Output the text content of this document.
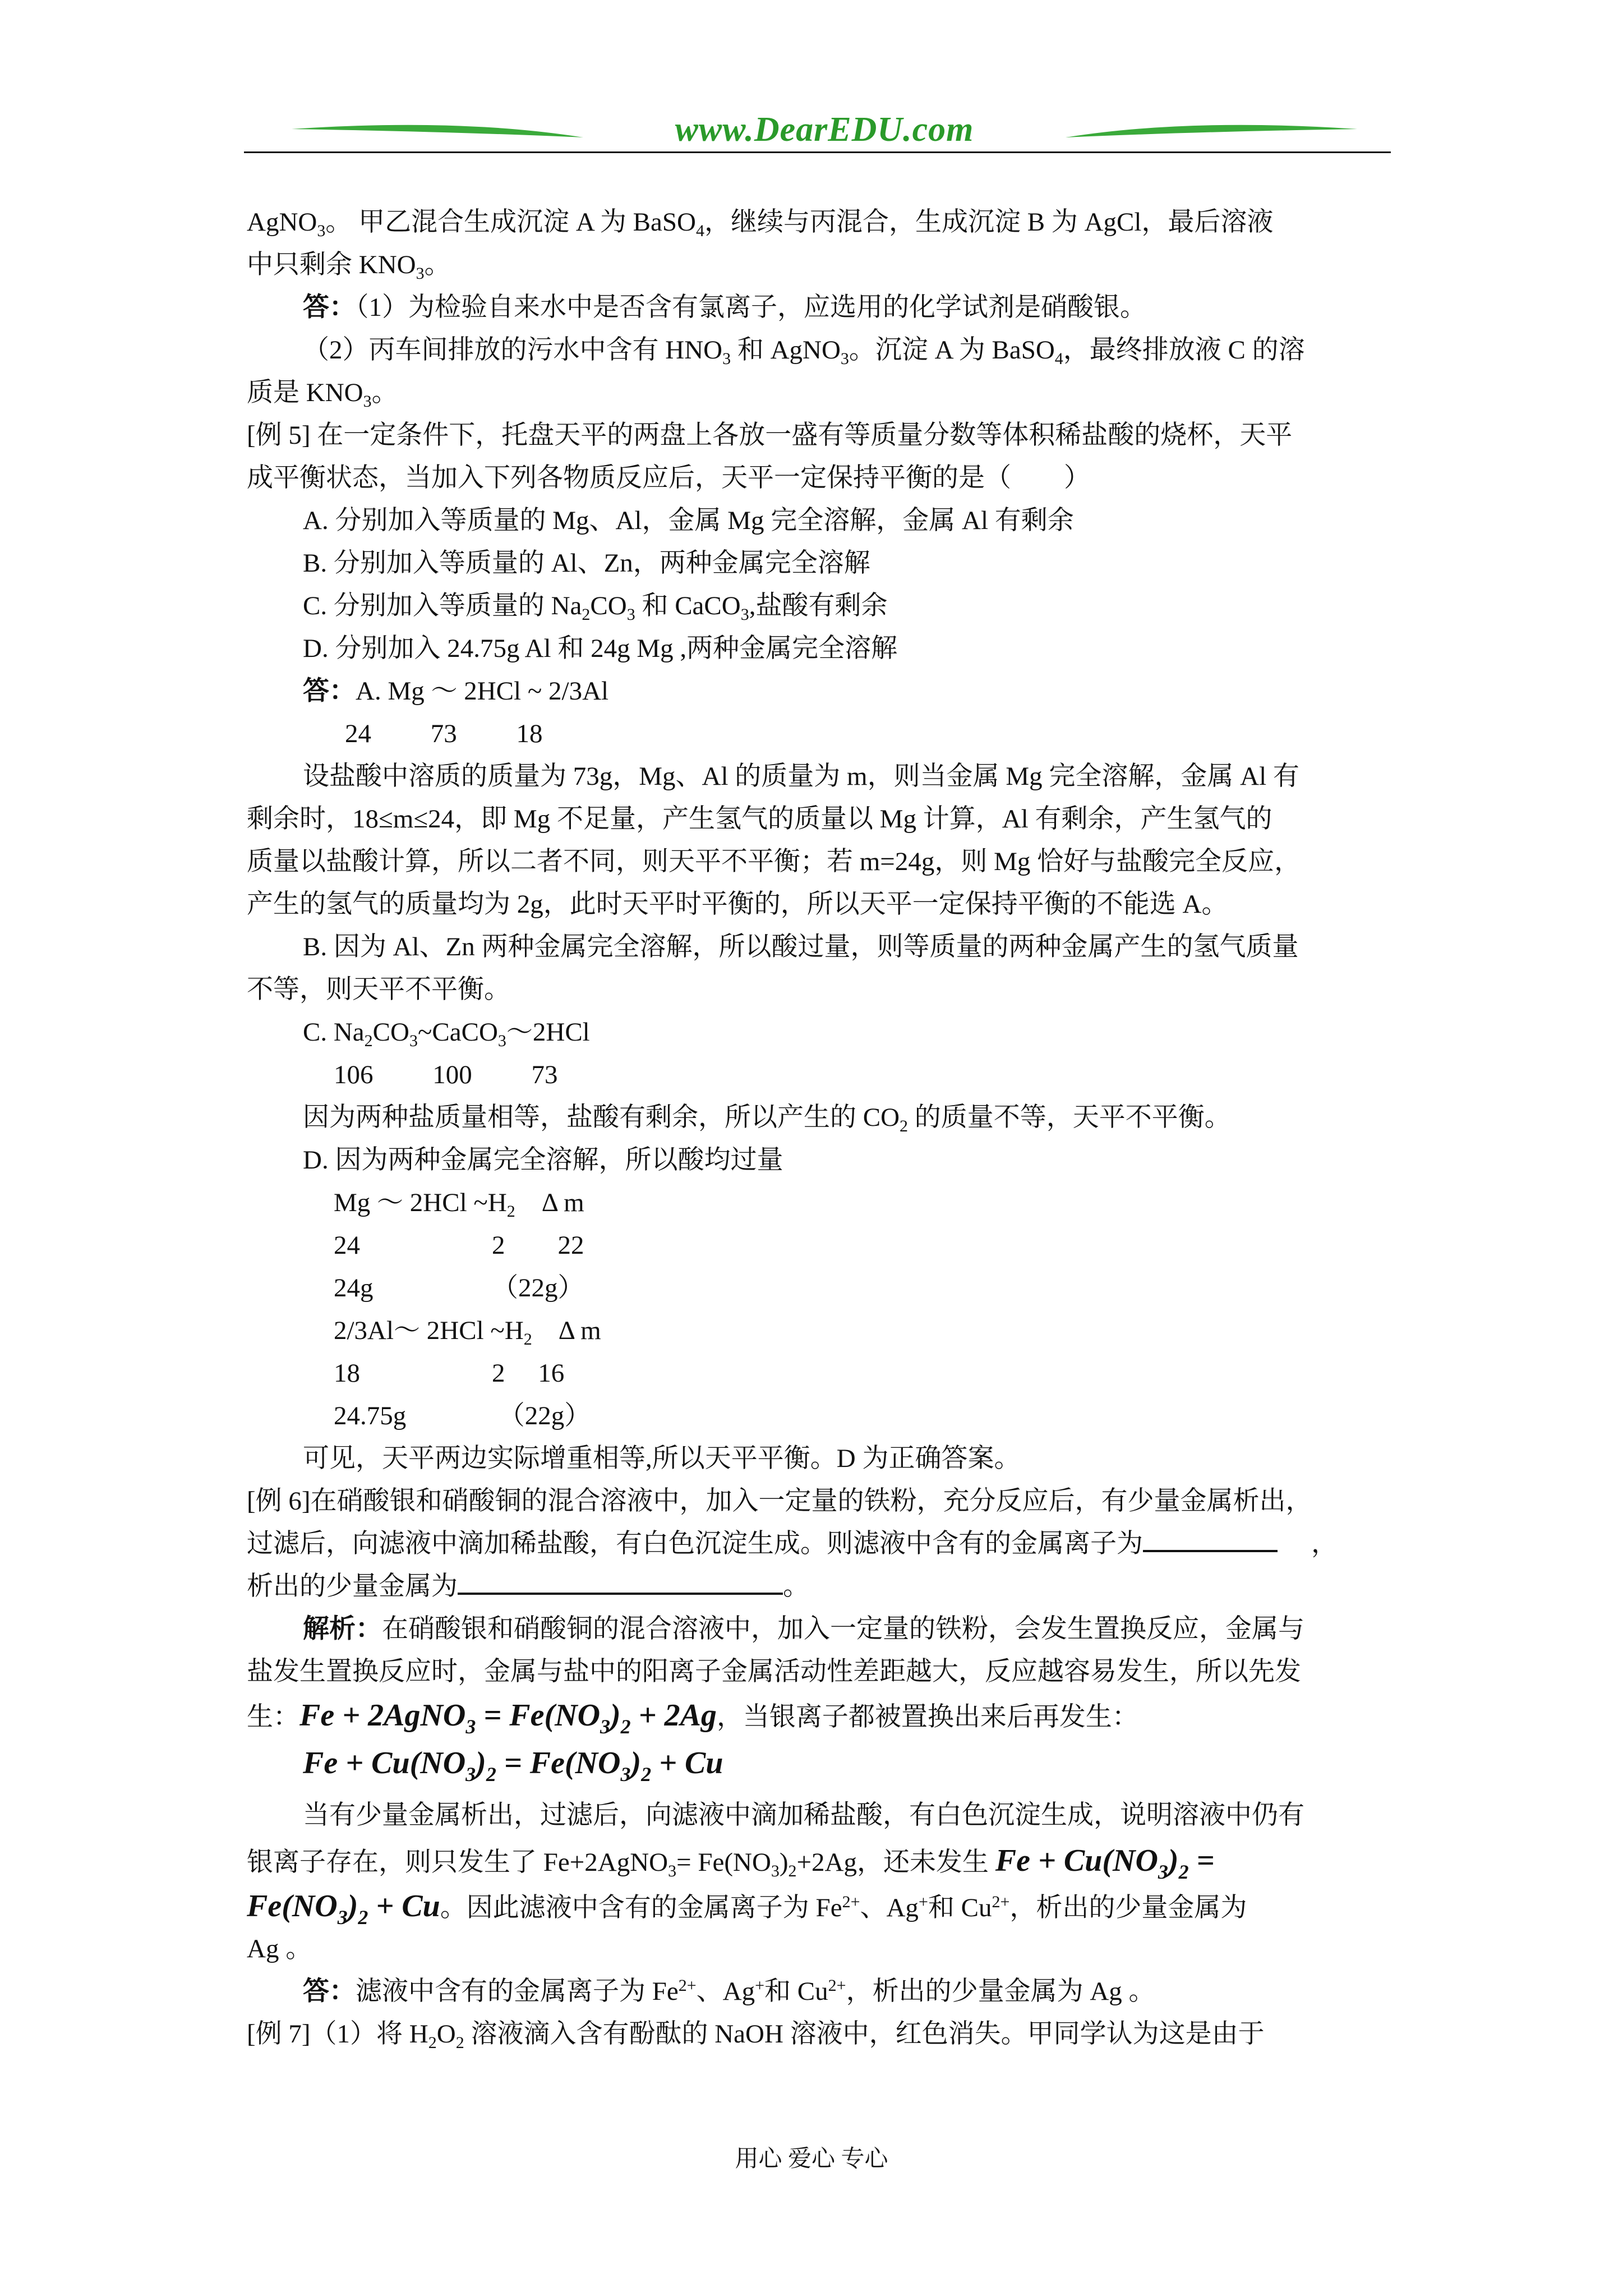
www.DearEDU.com
AgNO$_3$。 甲乙混合生成沉淀 A 为 BaSO$_4$，继续与丙混合，生成沉淀 B 为 AgCl，最后溶液
中只剩余 $KNO_3$。
答：（1）为检验自来水中是否含有氯离子，应选用的化学试剂是硝酸银。
（2）丙车间排放的污水中含有 $HNO_3$ 和 AgNO$_3$。沉淀 A 为 BaSO$_4$，最终排放液 C 的溶
质是 $KNO_3$。
[例 5] 在一定条件下，托盘天平的两盘上各放一盛有等质量分数等体积稀盐酸的烧杯，天平
成平衡状态，当加入下列各物质反应后，天平一定保持平衡的是（　　）
A. 分别加入等质量的 Mg、Al，金属 Mg 完全溶解，金属 Al 有剩余
B. 分别加入等质量的 Al、Zn，两种金属完全溶解
C. 分别加入等质量的 $Na_2CO_3$ 和 CaCO$_3$,盐酸有剩余
D. 分别加入 24.75g Al 和 24g Mg ,两种金属完全溶解
答：A. Mg ～ 2HCl ~ 2/3Al
24　　 73　　 18
设盐酸中溶质的质量为 73g，Mg、Al 的质量为 m，则当金属 Mg 完全溶解，金属 Al 有
剩余时，18≤m≤24，即 Mg 不足量，产生氢气的质量以 Mg 计算，Al 有剩余，产生氢气的
质量以盐酸计算，所以二者不同，则天平不平衡；若 m=24g，则 Mg 恰好与盐酸完全反应，
产生的氢气的质量均为 2g，此时天平时平衡的，所以天平一定保持平衡的不能选 A。
B. 因为 Al、Zn 两种金属完全溶解，所以酸过量，则等质量的两种金属产生的氢气质量
不等，则天平不平衡。
C. $Na_2CO_3\sim CaCO_3\sim 2HCl$
106　　 100　　 73
因为两种盐质量相等，盐酸有剩余，所以产生的 $CO_2$ 的质量不等，天平不平衡。
D. 因为两种金属完全溶解，所以酸均过量
Mg ～ 2HCl $\sim H_2$　Δ m
24　　　　　2　　22
24g　　　　　（22g）
2/3Al～ 2HCl $\sim H_2$　Δ m
18　　　　　2　 16
24.75g　　　　（22g）
可见，天平两边实际增重相等,所以天平平衡。D 为正确答案。
[例 6]在硝酸银和硝酸铜的混合溶液中，加入一定量的铁粉，充分反应后，有少量金属析出，
过滤后，向滤液中滴加稀盐酸，有白色沉淀生成。则滤液中含有的金属离子为	，
析出的少量金属为	。
解析：在硝酸银和硝酸铜的混合溶液中，加入一定量的铁粉，会发生置换反应，金属与
盐发生置换反应时，金属与盐中的阳离子金属活动性差距越大，反应越容易发生，所以先发
生：Fe + 2AgNO$_3$ = $Fe(NO_3)_2 + 2Ag$，当银离子都被置换出来后再发生：
$Fe + Cu(NO_3)_2 = Fe(NO_3)_2 + Cu$
当有少量金属析出，过滤后，向滤液中滴加稀盐酸，有白色沉淀生成，说明溶液中仍有
银离子存在，则只发生了 Fe+2AgNO$_3$= $Fe(NO_3)_2+2Ag$，还未发生 $Fe + Cu(NO_3)_2$ =
$Fe(NO_3)_2 + Cu$。因此滤液中含有的金属离子为 $Fe^{2+}$、Ag+和 $Cu^{2+}$，析出的少量金属为
Ag 。
答：滤液中含有的金属离子为 $Fe^{2+}$、Ag+和 $Cu^{2+}$，析出的少量金属为 Ag 。
[例 7]（1）将 $H_2O_2$ 溶液滴入含有酚酞的 NaOH 溶液中，红色消失。甲同学认为这是由于
用心 爱心 专心
